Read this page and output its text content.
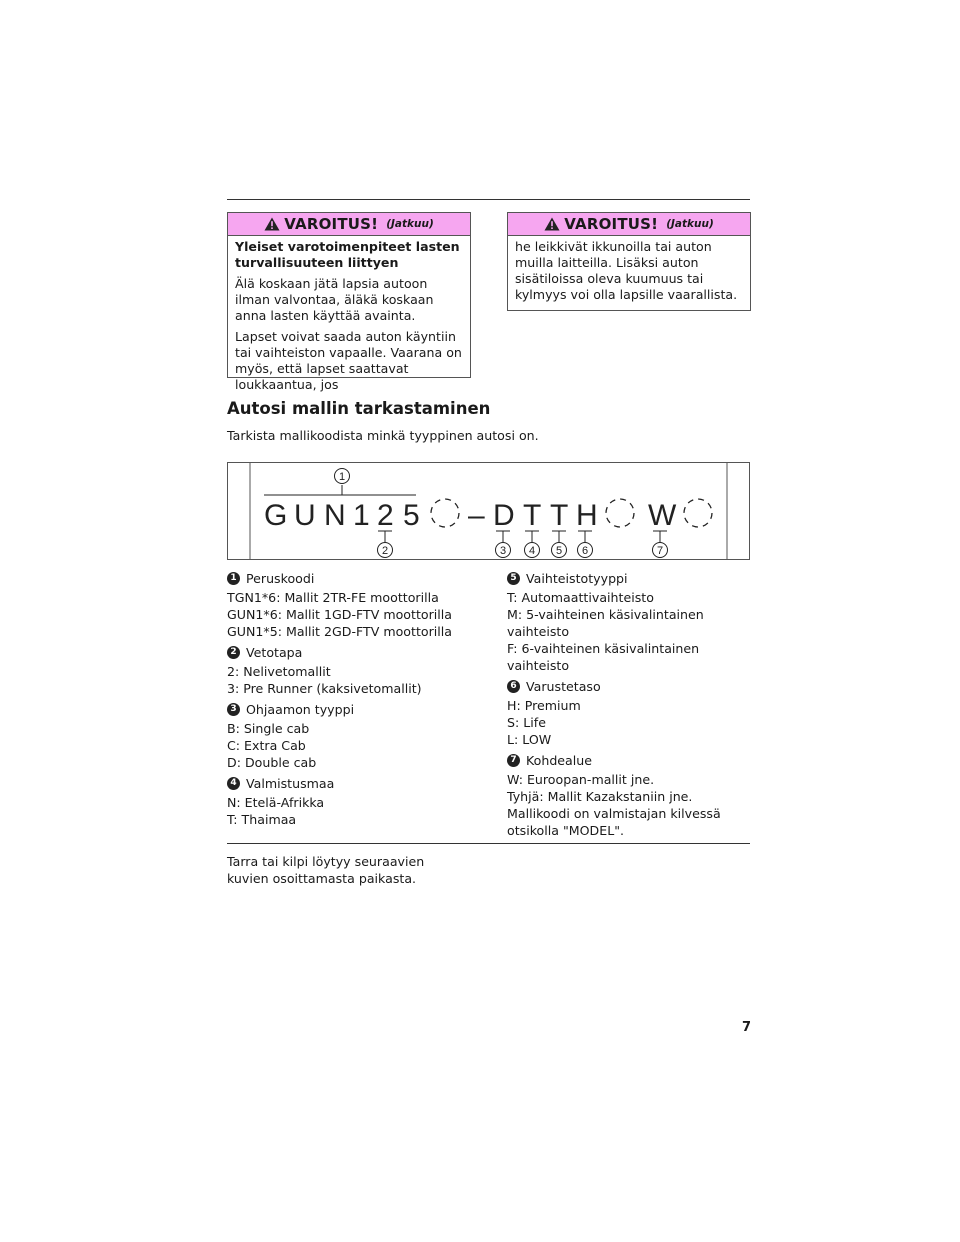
VAROITUS! (Jatkuu)

Yleiset varotoimenpiteet lasten turvallisuuteen liittyen

Älä koskaan jätä lapsia autoon ilman valvontaa, äläkä koskaan anna lasten käyttää avainta.

Lapset voivat saada auton käyntiin tai vaihteiston vapaalle. Vaarana on myös, että lapset saattavat loukkaantua, jos

VAROITUS! (Jatkuu)

he leikkivät ikkunoilla tai auton muilla laitteilla. Lisäksi auton sisätiloissa oleva kuumuus tai kylmyys voi olla lapsille vaarallista.

Autosi mallin tarkastaminen
Tarkista mallikoodista minkä tyyppinen autosi on.
G U N 1 2 5 – D T T H W
1
2	3 4 5 6	7
1 Peruskoodi

TGN1*6: Mallit 2TR-FE moottorilla

GUN1*6: Mallit 1GD-FTV moottorilla

GUN1*5: Mallit 2GD-FTV moottorilla

2 Vetotapa

2: Nelivetomallit

3: Pre Runner (kaksivetomallit)

3 Ohjaamon tyyppi

B: Single cab

C: Extra Cab

D: Double cab

4 Valmistusmaa

N: Etelä-Afrikka

T: Thaimaa

5 Vaihteistotyyppi

T: Automaattivaihteisto

M: 5-vaihteinen käsivalintainen vaihteisto

F: 6-vaihteinen käsivalintainen vaihteisto

6 Varustetaso

H: Premium

S: Life

L: LOW

7 Kohdealue

W: Euroopan-mallit jne.

Tyhjä: Mallit Kazakstaniin jne.

Mallikoodi on valmistajan kilvessä otsikolla "MODEL".

Tarra tai kilpi löytyy seuraavien kuvien osoittamasta paikasta.
7
